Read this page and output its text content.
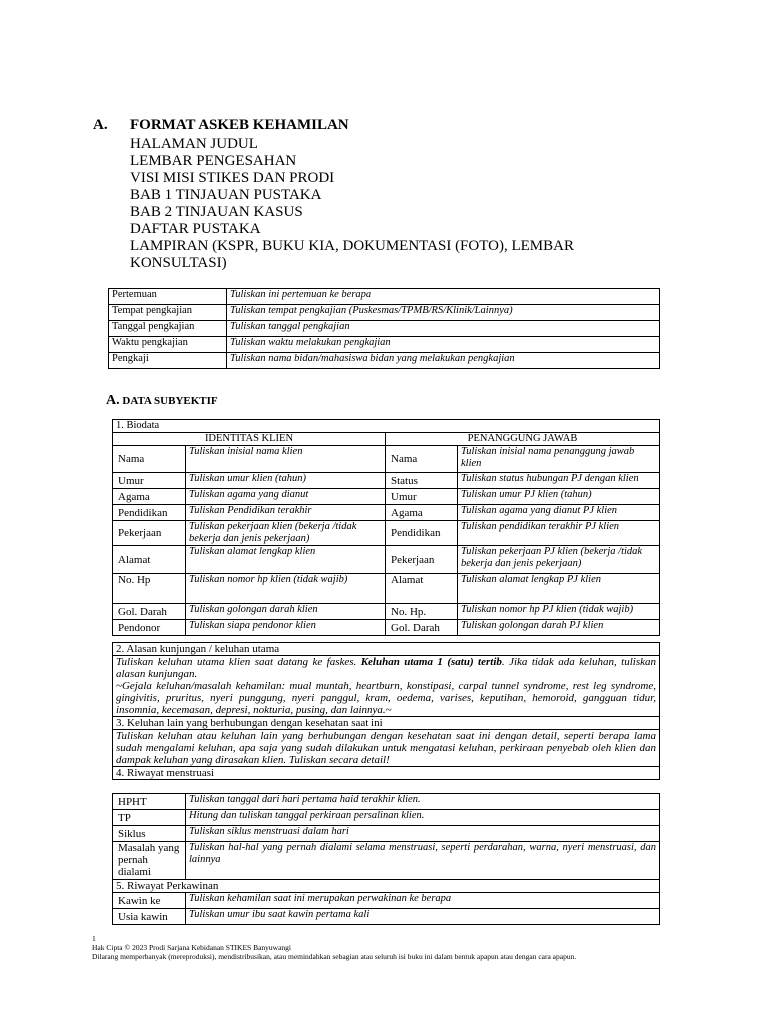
A. FORMAT ASKEB KEHAMILAN
HALAMAN JUDUL
LEMBAR PENGESAHAN
VISI MISI STIKES DAN PRODI
BAB 1 TINJAUAN PUSTAKA
BAB 2 TINJAUAN KASUS
DAFTAR PUSTAKA
LAMPIRAN (KSPR, BUKU KIA, DOKUMENTASI (FOTO), LEMBAR KONSULTASI)
Pertemuan	Tuliskan ini pertemuan ke berapa
Tempat pengkajian	Tuliskan tempat pengkajian (Puskesmas/TPMB/RS/Klinik/Lainnya)
Tanggal pengkajian	Tuliskan tanggal pengkajian
Waktu pengkajian	Tuliskan waktu melakukan pengkajian
Pengkaji	Tuliskan nama bidan/mahasiswa bidan yang melakukan pengkajian
A. DATA SUBYEKTIF
1. Biodata			
IDENTITAS KLIEN		PENANGGUNG JAWAB	
Nama	Tuliskan inisial nama klien	Nama	Tuliskan inisial nama penanggung jawab klien
Umur	Tuliskan umur klien (tahun)	Status	Tuliskan status hubungan PJ dengan klien
Agama	Tuliskan agama yang dianut	Umur	Tuliskan umur PJ klien (tahun)
Pendidikan	Tuliskan Pendidikan terakhir	Agama	Tuliskan agama yang dianut PJ klien
Pekerjaan	Tuliskan pekerjaan klien (bekerja /tidak bekerja dan jenis pekerjaan)	Pendidikan	Tuliskan pendidikan terakhir PJ klien
Alamat	Tuliskan alamat lengkap klien	Pekerjaan	Tuliskan pekerjaan PJ klien (bekerja /tidak bekerja dan jenis pekerjaan)
No. Hp	Tuliskan nomor hp klien (tidak wajib)	Alamat	Tuliskan alamat lengkap PJ klien
Gol. Darah	Tuliskan golongan darah klien	No. Hp.	Tuliskan nomor hp PJ klien (tidak wajib)
Pendonor	Tuliskan siapa pendonor klien	Gol. Darah	Tuliskan golongan darah PJ klien
2. Alasan kunjungan / keluhan utama
Tuliskan keluhan utama klien saat datang ke faskes. Keluhan utama 1 (satu) tertib. Jika tidak ada keluhan, tuliskan alasan kunjungan.
~Gejala keluhan/masalah kehamilan: mual muntah, heartburn, konstipasi, carpal tunnel syndrome, rest leg syndrome, gingivitis, pruritus, nyeri punggung, nyeri panggul, kram, oedema, varises, keputihan, hemoroid, gangguan tidur, insomnia, kecemasan, depresi, nokturia, pusing, dan lainnya.~
3. Keluhan lain yang berhubungan dengan kesehatan saat ini
Tuliskan keluhan atau keluhan lain yang berhubungan dengan kesehatan saat ini dengan detail, seperti berapa lama sudah mengalami keluhan, apa saja yang sudah dilakukan untuk mengatasi keluhan, perkiraan penyebab oleh klien dan dampak keluhan yang dirasakan klien. Tuliskan secara detail!
4. Riwayat menstruasi
HPHT	Tuliskan tanggal dari hari pertama haid terakhir klien.
TP	Hitung dan tuliskan tanggal perkiraan persalinan klien.
Siklus	Tuliskan siklus menstruasi dalam hari
Masalah yang pernah dialami	Tuliskan hal-hal yang pernah dialami selama menstruasi, seperti perdarahan, warna, nyeri menstruasi, dan lainnya
5. Riwayat Perkawinan	
Kawin ke	Tuliskan kehamilan saat ini merupakan perwakinan ke berapa
Usia kawin	Tuliskan umur ibu saat kawin pertama kali
1
Hak Cipta © 2023 Prodi Sarjana Kebidanan STIKES Banyuwangi
Dilarang memperbanyak (mereproduksi), mendistribusikan, atau memindahkan sebagian atau seluruh isi buku ini dalam bentuk apapun atau dengan cara apapun.
